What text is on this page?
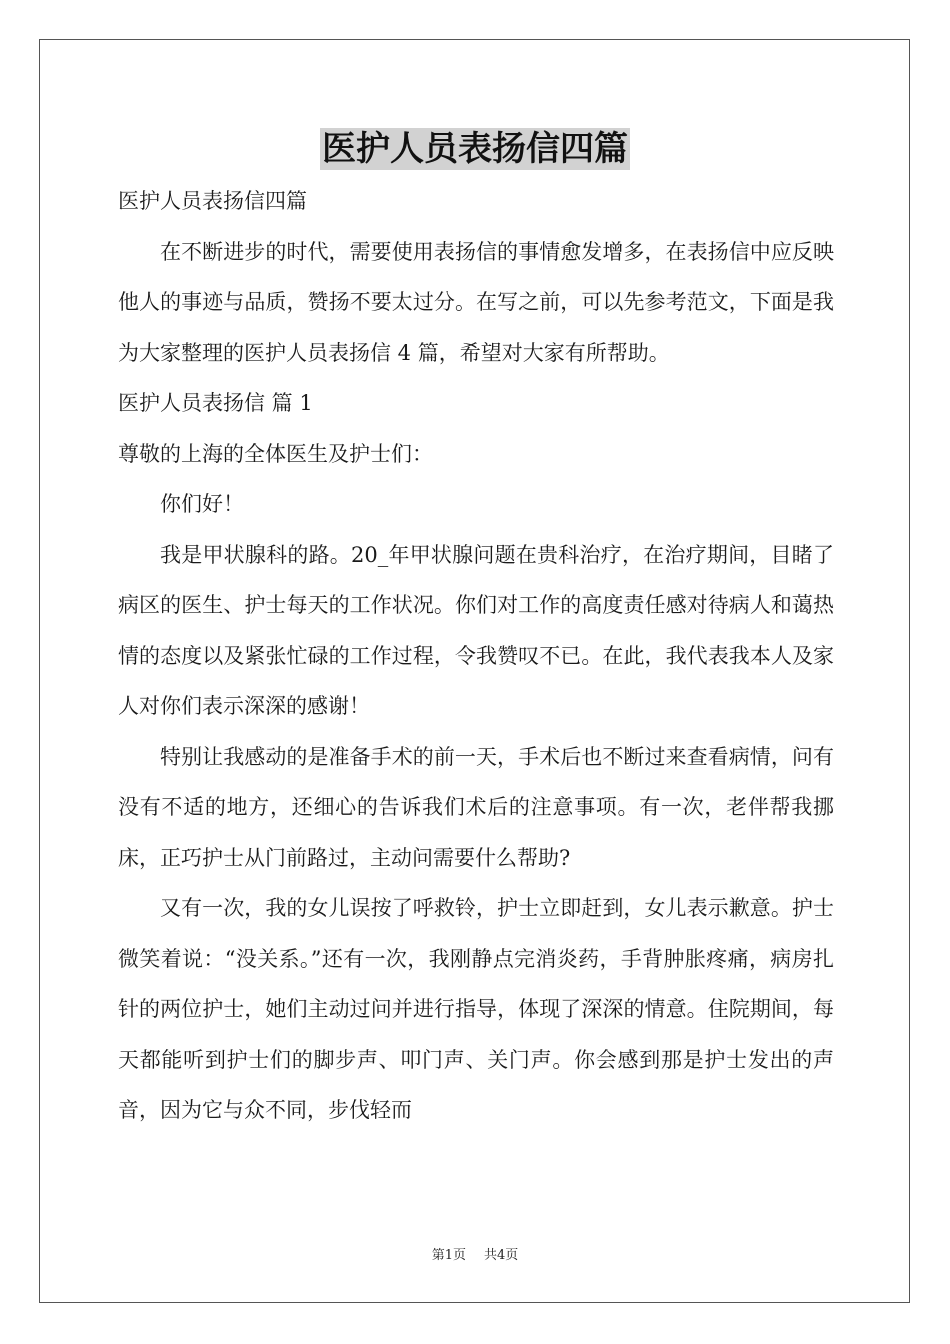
医护人员表扬信四篇

医护人员表扬信四篇

在不断进步的时代，需要使用表扬信的事情愈发增多，在表扬信中应反映他人的事迹与品质，赞扬不要太过分。在写之前，可以先参考范文，下面是我为大家整理的医护人员表扬信 4 篇，希望对大家有所帮助。

医护人员表扬信 篇 1

尊敬的上海的全体医生及护士们：

你们好！

我是甲状腺科的路。20_年甲状腺问题在贵科治疗，在治疗期间，目睹了病区的医生、护士每天的工作状况。你们对工作的高度责任感对待病人和蔼热情的态度以及紧张忙碌的工作过程，令我赞叹不已。在此，我代表我本人及家人对你们表示深深的感谢！

特别让我感动的是准备手术的前一天，手术后也不断过来查看病情，问有没有不适的地方，还细心的告诉我们术后的注意事项。有一次，老伴帮我挪床，正巧护士从门前路过，主动问需要什么帮助?

又有一次，我的女儿误按了呼救铃，护士立即赶到，女儿表示歉意。护士微笑着说：“没关系。”还有一次，我刚静点完消炎药，手背肿胀疼痛，病房扎针的两位护士，她们主动过问并进行指导，体现了深深的情意。住院期间，每天都能听到护士们的脚步声、叩门声、关门声。你会感到那是护士发出的声音，因为它与众不同，步伐轻而

第1页 共4页
